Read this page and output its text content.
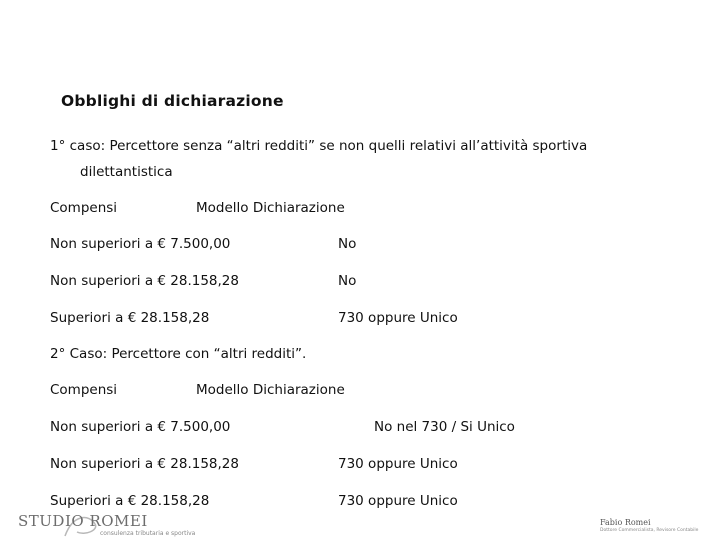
Obblighi di dichiarazione
1° caso: Percettore senza “altri redditi” se non quelli relativi all’attività sportiva
dilettantistica
Compensi	Modello Dichiarazione
Non superiori a € 7.500,00	No
Non superiori a € 28.158,28	No
Superiori a € 28.158,28	730 oppure Unico
2° Caso: Percettore con “altri redditi”.
Compensi	Modello Dichiarazione
Non superiori a € 7.500,00	No nel 730 / Si Unico
Non superiori a € 28.158,28	730 oppure Unico
Superiori a € 28.158,28	730 oppure Unico
STUDIO ROMEI
consulenza tributaria e sportiva
Fabio Romei
Dottore Commercialista, Revisore Contabile
